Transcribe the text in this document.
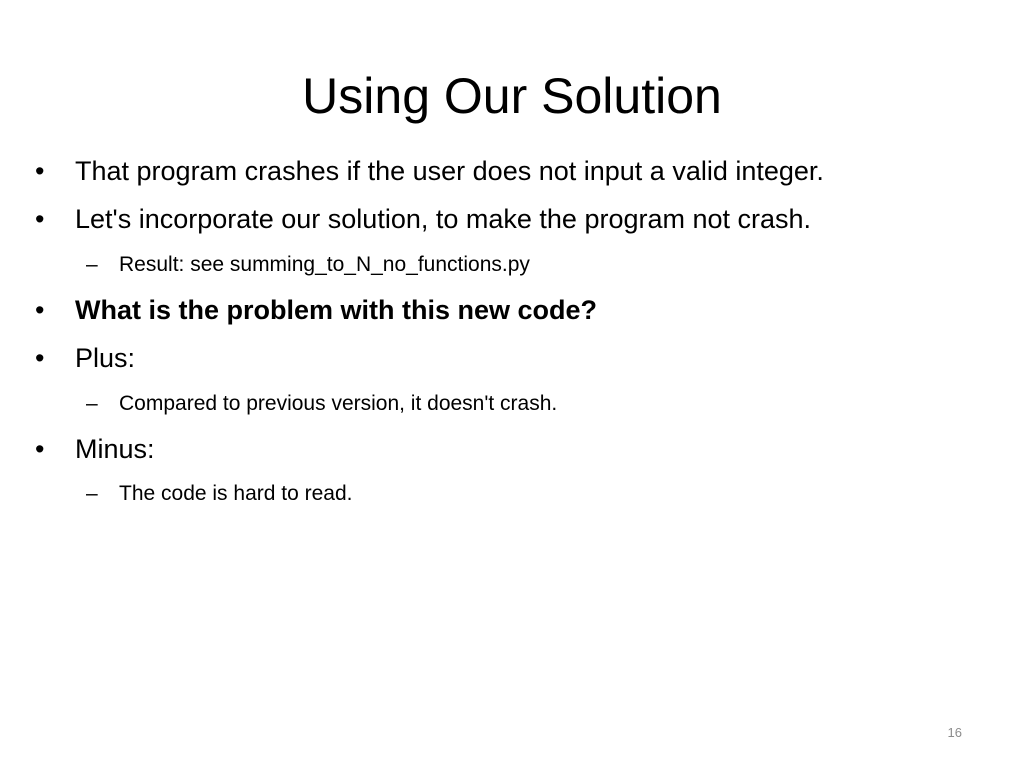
Using Our Solution
• That program crashes if the user does not input a valid integer.
• Let's incorporate our solution, to make the program not crash.
– Result: see summing_to_N_no_functions.py
• What is the problem with this new code?
• Plus:
– Compared to previous version, it doesn't crash.
• Minus:
– The code is hard to read.
16
